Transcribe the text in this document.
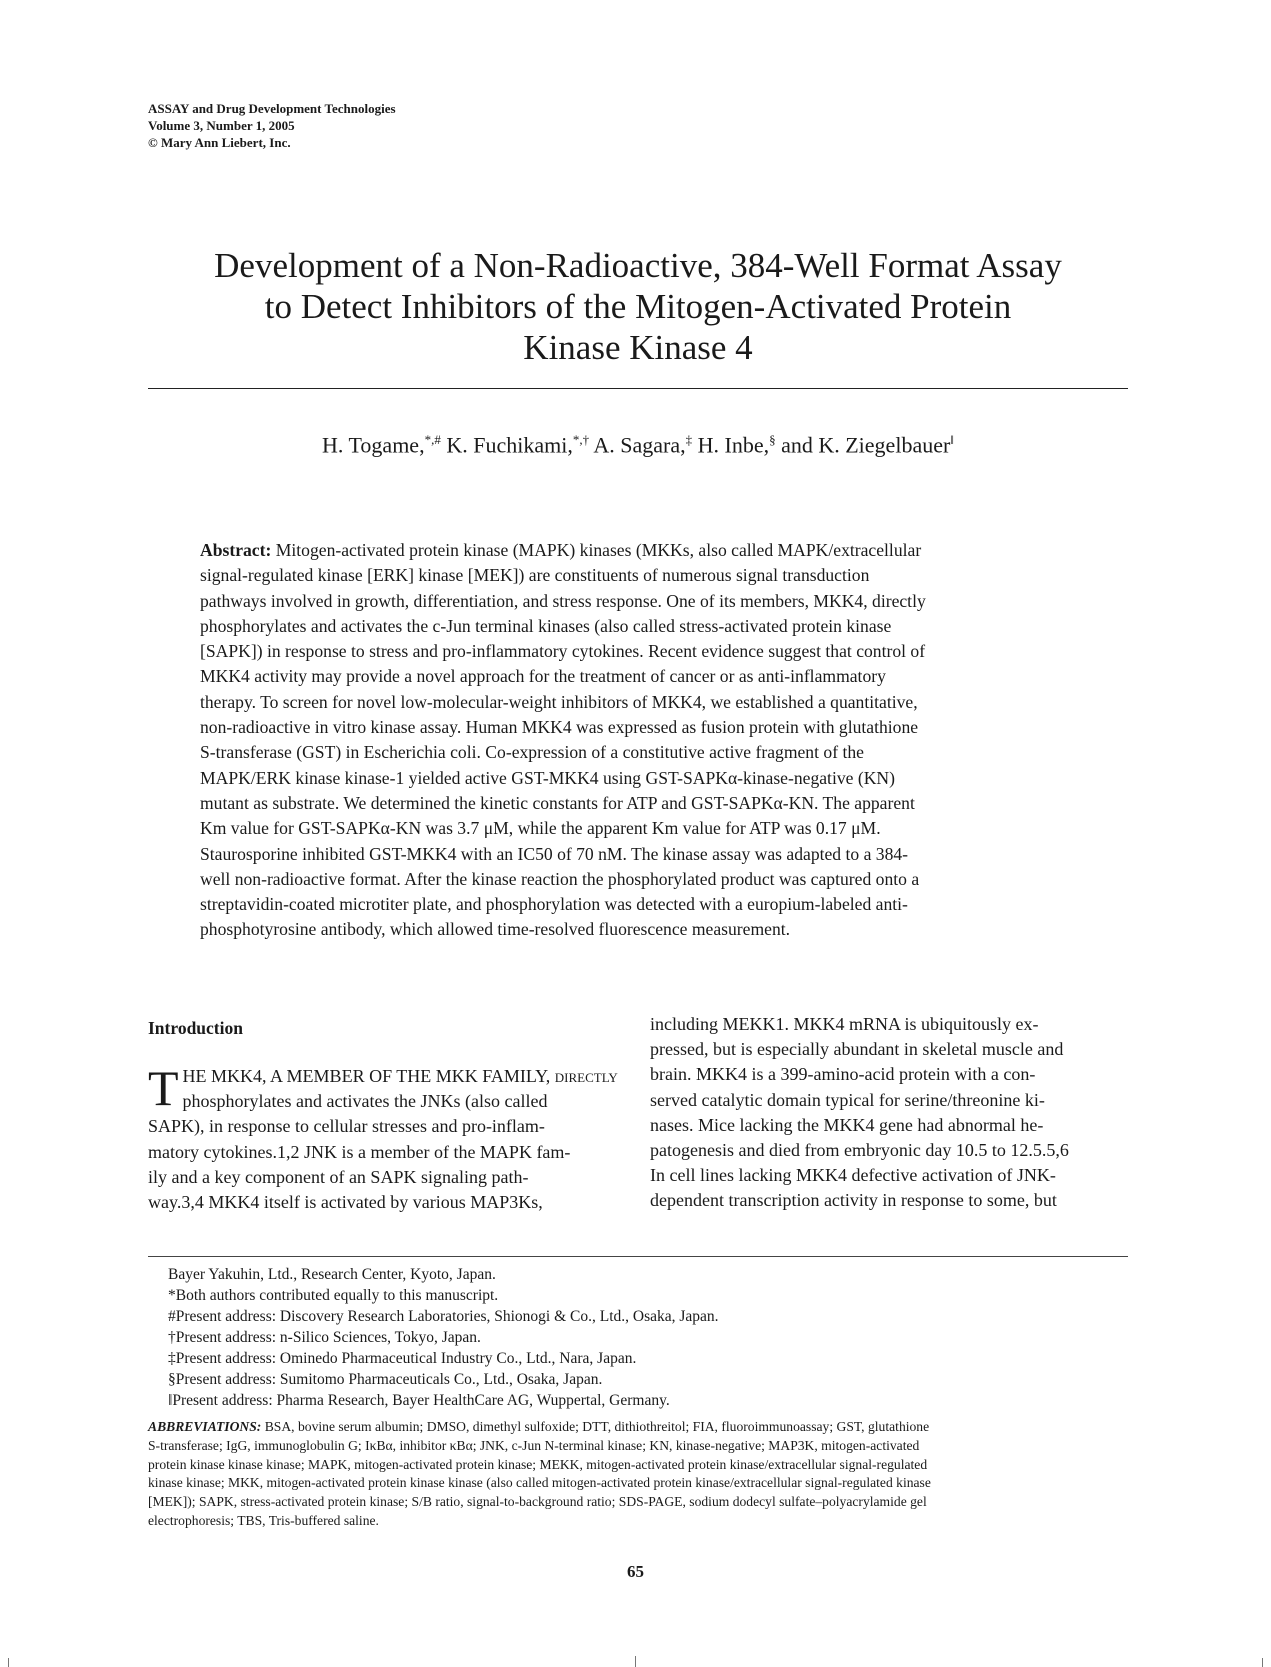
ASSAY and Drug Development Technologies
Volume 3, Number 1, 2005
© Mary Ann Liebert, Inc.
Development of a Non-Radioactive, 384-Well Format Assay
to Detect Inhibitors of the Mitogen-Activated Protein
Kinase Kinase 4
H. Togame,*,# K. Fuchikami,*,† A. Sagara,‡ H. Inbe,§ and K. Ziegelbauer‖
Abstract: Mitogen-activated protein kinase (MAPK) kinases (MKKs, also called MAPK/extracellular
signal-regulated kinase [ERK] kinase [MEK]) are constituents of numerous signal transduction
pathways involved in growth, differentiation, and stress response. One of its members, MKK4, directly
phosphorylates and activates the c-Jun terminal kinases (also called stress-activated protein kinase
[SAPK]) in response to stress and pro-inflammatory cytokines. Recent evidence suggest that control of
MKK4 activity may provide a novel approach for the treatment of cancer or as anti-inflammatory
therapy. To screen for novel low-molecular-weight inhibitors of MKK4, we established a quantitative,
non-radioactive in vitro kinase assay. Human MKK4 was expressed as fusion protein with glutathione
S-transferase (GST) in Escherichia coli. Co-expression of a constitutive active fragment of the
MAPK/ERK kinase kinase-1 yielded active GST-MKK4 using GST-SAPKα-kinase-negative (KN)
mutant as substrate. We determined the kinetic constants for ATP and GST-SAPKα-KN. The apparent
Km value for GST-SAPKα-KN was 3.7 μM, while the apparent Km value for ATP was 0.17 μM.
Staurosporine inhibited GST-MKK4 with an IC50 of 70 nM. The kinase assay was adapted to a 384-
well non-radioactive format. After the kinase reaction the phosphorylated product was captured onto a
streptavidin-coated microtiter plate, and phosphorylation was detected with a europium-labeled anti-
phosphotyrosine antibody, which allowed time-resolved fluorescence measurement.
Introduction
T HE MKK4, A MEMBER OF THE MKK FAMILY, directly
phosphorylates and activates the JNKs (also called
SAPK), in response to cellular stresses and pro-inflam-
matory cytokines.1,2 JNK is a member of the MAPK fam-
ily and a key component of an SAPK signaling path-
way.3,4 MKK4 itself is activated by various MAP3Ks,
including MEKK1. MKK4 mRNA is ubiquitously ex-
pressed, but is especially abundant in skeletal muscle and
brain. MKK4 is a 399-amino-acid protein with a con-
served catalytic domain typical for serine/threonine ki-
nases. Mice lacking the MKK4 gene had abnormal he-
patogenesis and died from embryonic day 10.5 to 12.5.5,6
In cell lines lacking MKK4 defective activation of JNK-
dependent transcription activity in response to some, but
Bayer Yakuhin, Ltd., Research Center, Kyoto, Japan.
*Both authors contributed equally to this manuscript.
#Present address: Discovery Research Laboratories, Shionogi & Co., Ltd., Osaka, Japan.
†Present address: n-Silico Sciences, Tokyo, Japan.
‡Present address: Ominedo Pharmaceutical Industry Co., Ltd., Nara, Japan.
§Present address: Sumitomo Pharmaceuticals Co., Ltd., Osaka, Japan.
‖Present address: Pharma Research, Bayer HealthCare AG, Wuppertal, Germany.
ABBREVIATIONS: BSA, bovine serum albumin; DMSO, dimethyl sulfoxide; DTT, dithiothreitol; FIA, fluoroimmunoassay; GST, glutathione
S-transferase; IgG, immunoglobulin G; IκBα, inhibitor κBα; JNK, c-Jun N-terminal kinase; KN, kinase-negative; MAP3K, mitogen-activated
protein kinase kinase kinase; MAPK, mitogen-activated protein kinase; MEKK, mitogen-activated protein kinase/extracellular signal-regulated
kinase kinase; MKK, mitogen-activated protein kinase kinase (also called mitogen-activated protein kinase/extracellular signal-regulated kinase
[MEK]); SAPK, stress-activated protein kinase; S/B ratio, signal-to-background ratio; SDS-PAGE, sodium dodecyl sulfate–polyacrylamide gel
electrophoresis; TBS, Tris-buffered saline.
65
